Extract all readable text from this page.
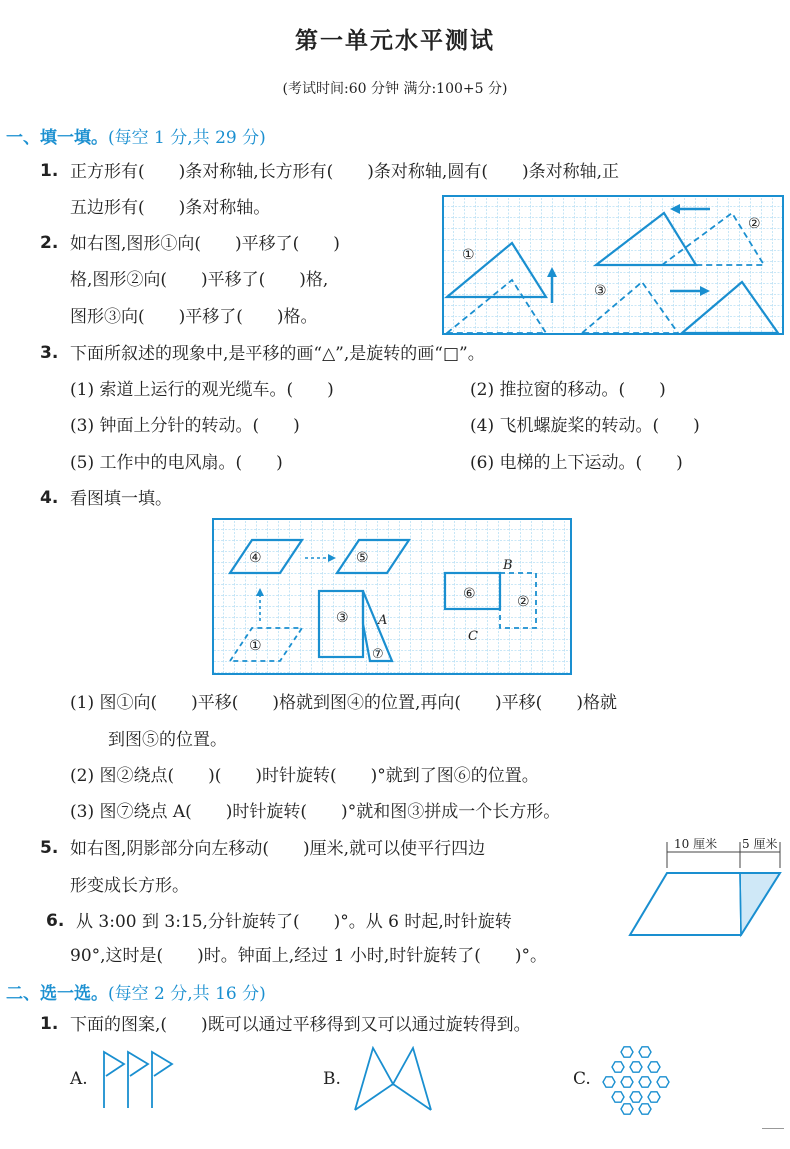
第一单元水平测试
(考试时间:60 分钟 满分:100+5 分)
一、填一填。(每空 1 分,共 29 分)
1. 正方形有(　　)条对称轴,长方形有(　　)条对称轴,圆有(　　)条对称轴,正
五边形有(　　)条对称轴。
2. 如右图,图形①向(　　)平移了(　　)
格,图形②向(　　)平移了(　　)格,
图形③向(　　)平移了(　　)格。
①
②
③
3. 下面所叙述的现象中,是平移的画“△”,是旋转的画“□”。
(1) 索道上运行的观光缆车。(　　)	(2) 推拉窗的移动。(　　)
(3) 钟面上分针的转动。(　　)	(4) 飞机螺旋桨的转动。(　　)
(5) 工作中的电风扇。(　　)	(6) 电梯的上下运动。(　　)
4. 看图填一填。
④	⑤
①
③
⑦
⑥	②
A
B
C
(1) 图①向(　　)平移(　　)格就到图④的位置,再向(　　)平移(　　)格就
到图⑤的位置。
(2) 图②绕点(　　)(　　)时针旋转(　　)°就到了图⑥的位置。
(3) 图⑦绕点 A(　　)时针旋转(　　)°就和图③拼成一个长方形。
5. 如右图,阴影部分向左移动(　　)厘米,就可以使平行四边
形变成长方形。
10 厘米 5 厘米
6. 从 3:00 到 3:15,分针旋转了(　　)°。从 6 时起,时针旋转
90°,这时是(　　)时。钟面上,经过 1 小时,时针旋转了(　　)°。
二、选一选。(每空 2 分,共 16 分)
1. 下面的图案,(　　)既可以通过平移得到又可以通过旋转得到。
A.	B.	C.
